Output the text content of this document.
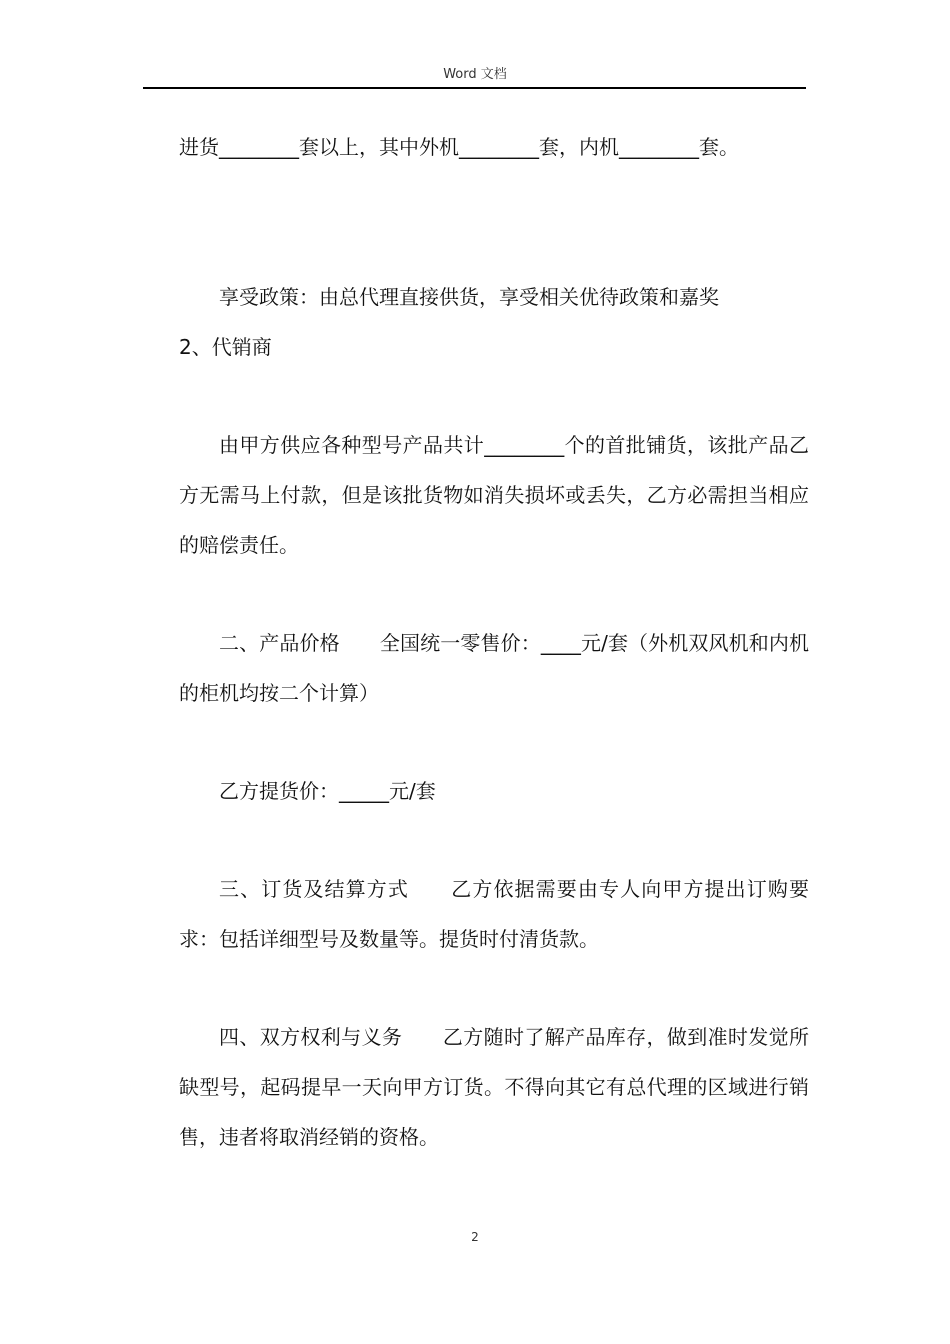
Word 文档

进货________套以上，其中外机________套，内机________套。

享受政策：由总代理直接供货，享受相关优待政策和嘉奖

2、代销商

由甲方供应各种型号产品共计________个的首批铺货，该批产品乙方无需马上付款，但是该批货物如消失损坏或丢失，乙方必需担当相应的赔偿责任。

二、产品价格　　全国统一零售价：____元/套（外机双风机和内机的柜机均按二个计算）

乙方提货价：_____元/套

三、订货及结算方式　　乙方依据需要由专人向甲方提出订购要求：包括详细型号及数量等。提货时付清货款。

四、双方权利与义务　　乙方随时了解产品库存，做到准时发觉所缺型号，起码提早一天向甲方订货。不得向其它有总代理的区域进行销售，违者将取消经销的资格。

2
